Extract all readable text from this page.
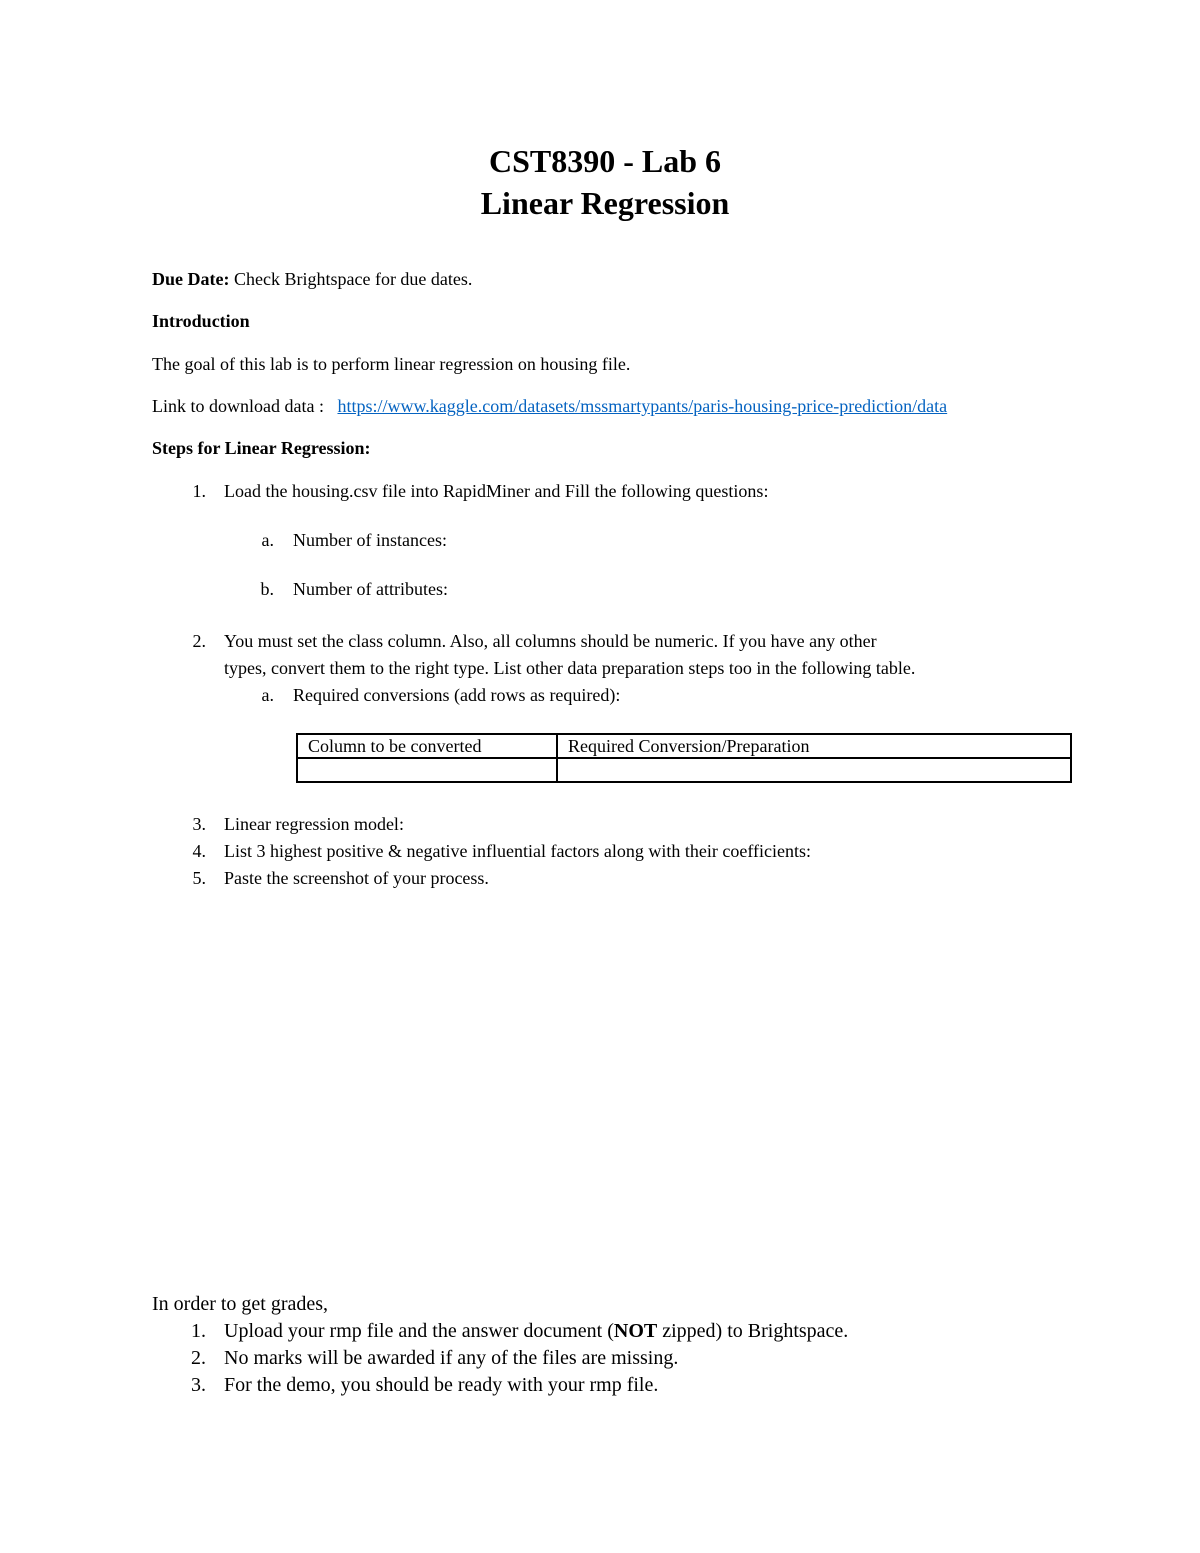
CST8390 - Lab 6
Linear Regression
Due Date: Check Brightspace for due dates.
Introduction
The goal of this lab is to perform linear regression on housing file.
Link to download data : https://www.kaggle.com/datasets/mssmartypants/paris-housing-price-prediction/data
Steps for Linear Regression:
1. Load the housing.csv file into RapidMiner and Fill the following questions:
a. Number of instances:
b. Number of attributes:
2. You must set the class column. Also, all columns should be numeric. If you have any other
types, convert them to the right type. List other data preparation steps too in the following table.
a. Required conversions (add rows as required):
Column to be converted	Required Conversion/Preparation

3. Linear regression model:
4. List 3 highest positive & negative influential factors along with their coefficients:
5. Paste the screenshot of your process.
In order to get grades,
1. Upload your rmp file and the answer document (NOT zipped) to Brightspace.
2. No marks will be awarded if any of the files are missing.
3. For the demo, you should be ready with your rmp file.
